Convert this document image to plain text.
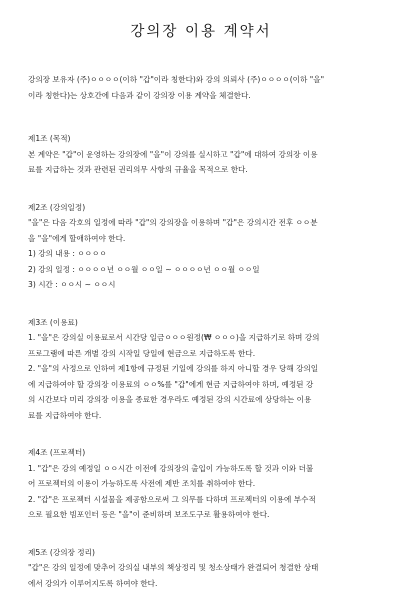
강의장 이용 계약서

강의장 보유자 (주)ㅇㅇㅇㅇ(이하 "갑"이라 칭한다)와 강의 의뢰사 (주)ㅇㅇㅇㅇ(이하 "을"
이라 칭한다)는 상호간에 다음과 같이 강의장 이용 계약을 체결한다.

제1조 (목적)

본 계약은 "갑"이 운영하는 강의장에 "을"이 강의를 실시하고 "갑"에 대하여 강의장 이용
료를 지급하는 것과 관련된 권리의무 사항의 규율을 목적으로 한다.

제2조 (강의일정)

"을"은 다음 각호의 일정에 따라 "갑"의 강의장을 이용하며 "갑"은 강의시간 전후 ㅇㅇ분
을 "을"에게 할애하여야 한다.

1) 강의 내용 : ㅇㅇㅇㅇ

2) 강의 일정 : ㅇㅇㅇㅇ년 ㅇㅇ월 ㅇㅇ일 ~ ㅇㅇㅇㅇ년 ㅇㅇ월 ㅇㅇ일

3) 시간 : ㅇㅇ시 ~ ㅇㅇ시

제3조 (이용료)

1. "을"은 강의실 이용료로서 시간당 일금ㅇㅇㅇ원정(₩ ㅇㅇㅇ)을 지급하기로 하며 강의
프로그램에 따른 개별 강의 시작일 당일에 현금으로 지급하도록 한다.

2. "을"의 사정으로 인하여 제1항에 규정된 기일에 강의를 하지 아니할 경우 당해 강의일
에 지급하여야 할 강의장 이용료의 ㅇㅇ%를 "갑"에게 현금 지급하여야 하며, 예정된 강
의 시간보다 미리 강의장 이용을 종료한 경우라도 예정된 강의 시간료에 상당하는 이용
료를 지급하여야 한다.

제4조 (프로젝터)

1. "갑"은 강의 예정일 ㅇㅇ시간 이전에 강의장의 출입이 가능하도록 할 것과 이와 더불
어 프로젝터의 이용이 가능하도록 사전에 제반 조치를 취하여야 한다.

2. "갑"은 프로젝터 시설물을 제공함으로써 그 의무를 다하며 프로젝터의 이용에 부수적
으로 필요한 빔포인터 등은 "을"이 준비하며 보조도구로 활용하여야 한다.

제5조 (강의장 정리)

"갑"은 강의 일정에 맞추어 강의실 내부의 책상정리 및 청소상태가 완결되어 청결한 상태
에서 강의가 이루어지도록 하여야 한다.
